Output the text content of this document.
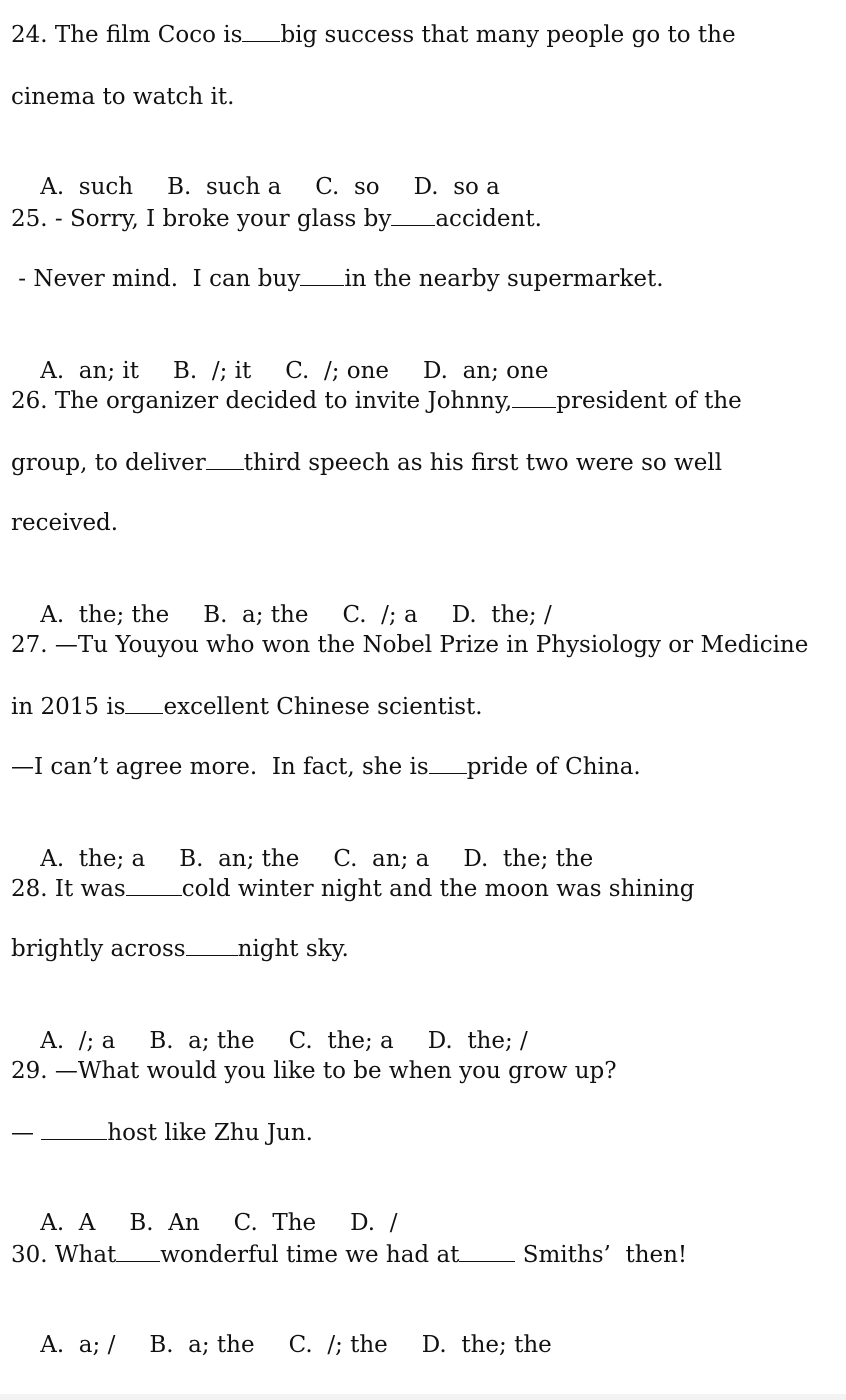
24. The film Coco is big success that many people go to the
cinema to watch it.

A.  such B.  such a C.  so D.  so a

25. - Sorry, I broke your glass by accident.
- Never mind.  I can buy in the nearby supermarket.

A.  an; it B.  /; it C.  /; one D.  an; one

26. The organizer decided to invite Johnny, president of the
group, to deliver third speech as his first two were so well
received.

A.  the; the B.  a; the C.  /; a D.  the; /

27. —Tu Youyou who won the Nobel Prize in Physiology or Medicine
in 2015 is excellent Chinese scientist.
—I can’t agree more.  In fact, she is pride of China.

A.  the; a B.  an; the C.  an; a D.  the; the

28. It was cold winter night and the moon was shining
brightly across night sky.

A.  /; a B.  a; the C.  the; a D.  the; /

29. —What would you like to be when you grow up?
—	host like Zhu Jun.

A.  A B.  An C.  The D.  /

30. What wonderful time we had at Smiths’  then!

A.  a; / B.  a; the C.  /; the D.  the; the
